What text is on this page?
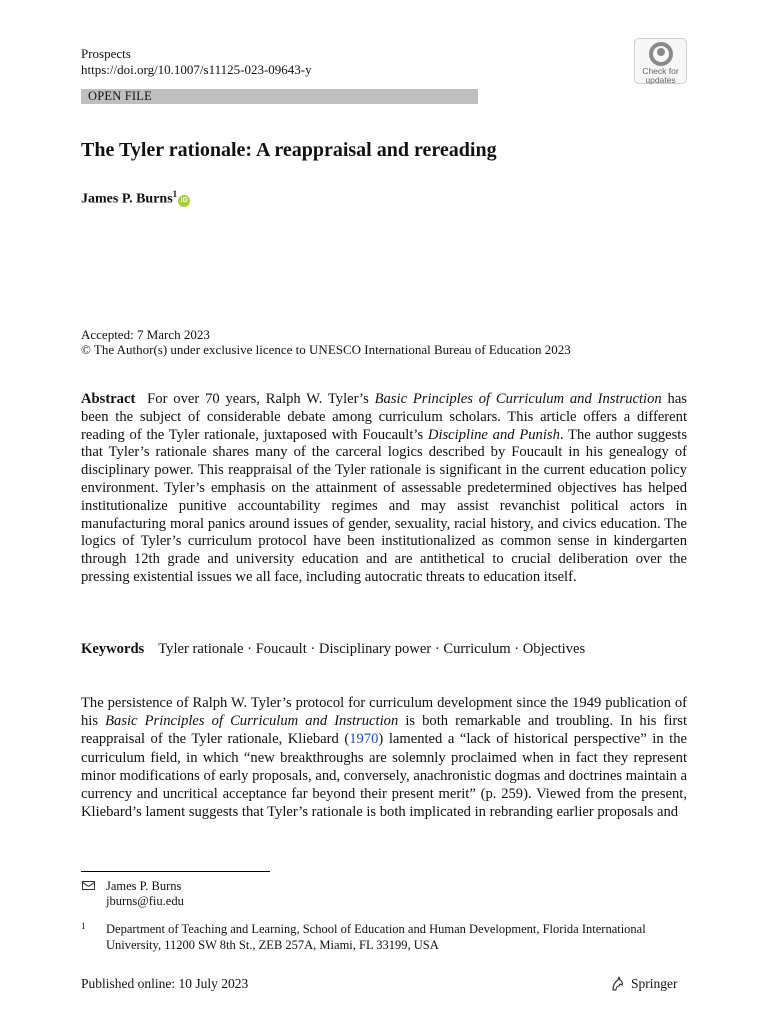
Prospects
https://doi.org/10.1007/s11125-023-09643-y	Check for
updates
OPEN FILE
The Tyler rationale: A reappraisal and rereading
James P. Burns$^1$iD
Accepted: 7 March 2023
© The Author(s) under exclusive licence to UNESCO International Bureau of Education 2023

Abstract For over 70 years, Ralph W. Tyler’s Basic Principles of Curriculum and Instruction has been the subject of considerable debate among curriculum scholars. This article offers a different reading of the Tyler rationale, juxtaposed with Foucault’s Discipline and Punish. The author suggests that Tyler’s rationale shares many of the carceral logics described by Foucault in his genealogy of disciplinary power. This reappraisal of the Tyler rationale is significant in the current education policy environment. Tyler’s emphasis on the attainment of assessable predetermined objectives has helped institutionalize punitive accountability regimes and may assist revanchist political actors in manufacturing moral panics around issues of gender, sexuality, racial history, and civics education. The logics of Tyler’s curriculum protocol have been institutionalized as common sense in kindergarten through 12th grade and university education and are antithetical to crucial deliberation over the pressing existential issues we all face, including autocratic threats to education itself.

Keywords Tyler rationale · Foucault · Disciplinary power · Curriculum · Objectives

The persistence of Ralph W. Tyler’s protocol for curriculum development since the 1949 publication of his Basic Principles of Curriculum and Instruction is both remarkable and troubling. In his first reappraisal of the Tyler rationale, Kliebard (1970) lamented a “lack of historical perspective” in the curriculum field, in which “new breakthroughs are solemnly proclaimed when in fact they represent minor modifications of early proposals, and, conversely, anachronistic dogmas and doctrines maintain a currency and uncritical acceptance far beyond their present merit” (p. 259). Viewed from the present, Kliebard’s lament suggests that Tyler’s rationale is both implicated in rebranding earlier proposals and

James P. Burns
jburns@fiu.edu
1 Department of Teaching and Learning, School of Education and Human Development, Florida International University, 11200 SW 8th St., ZEB 257A, Miami, FL 33199, USA

Published online: 10 July 2023	Springer
